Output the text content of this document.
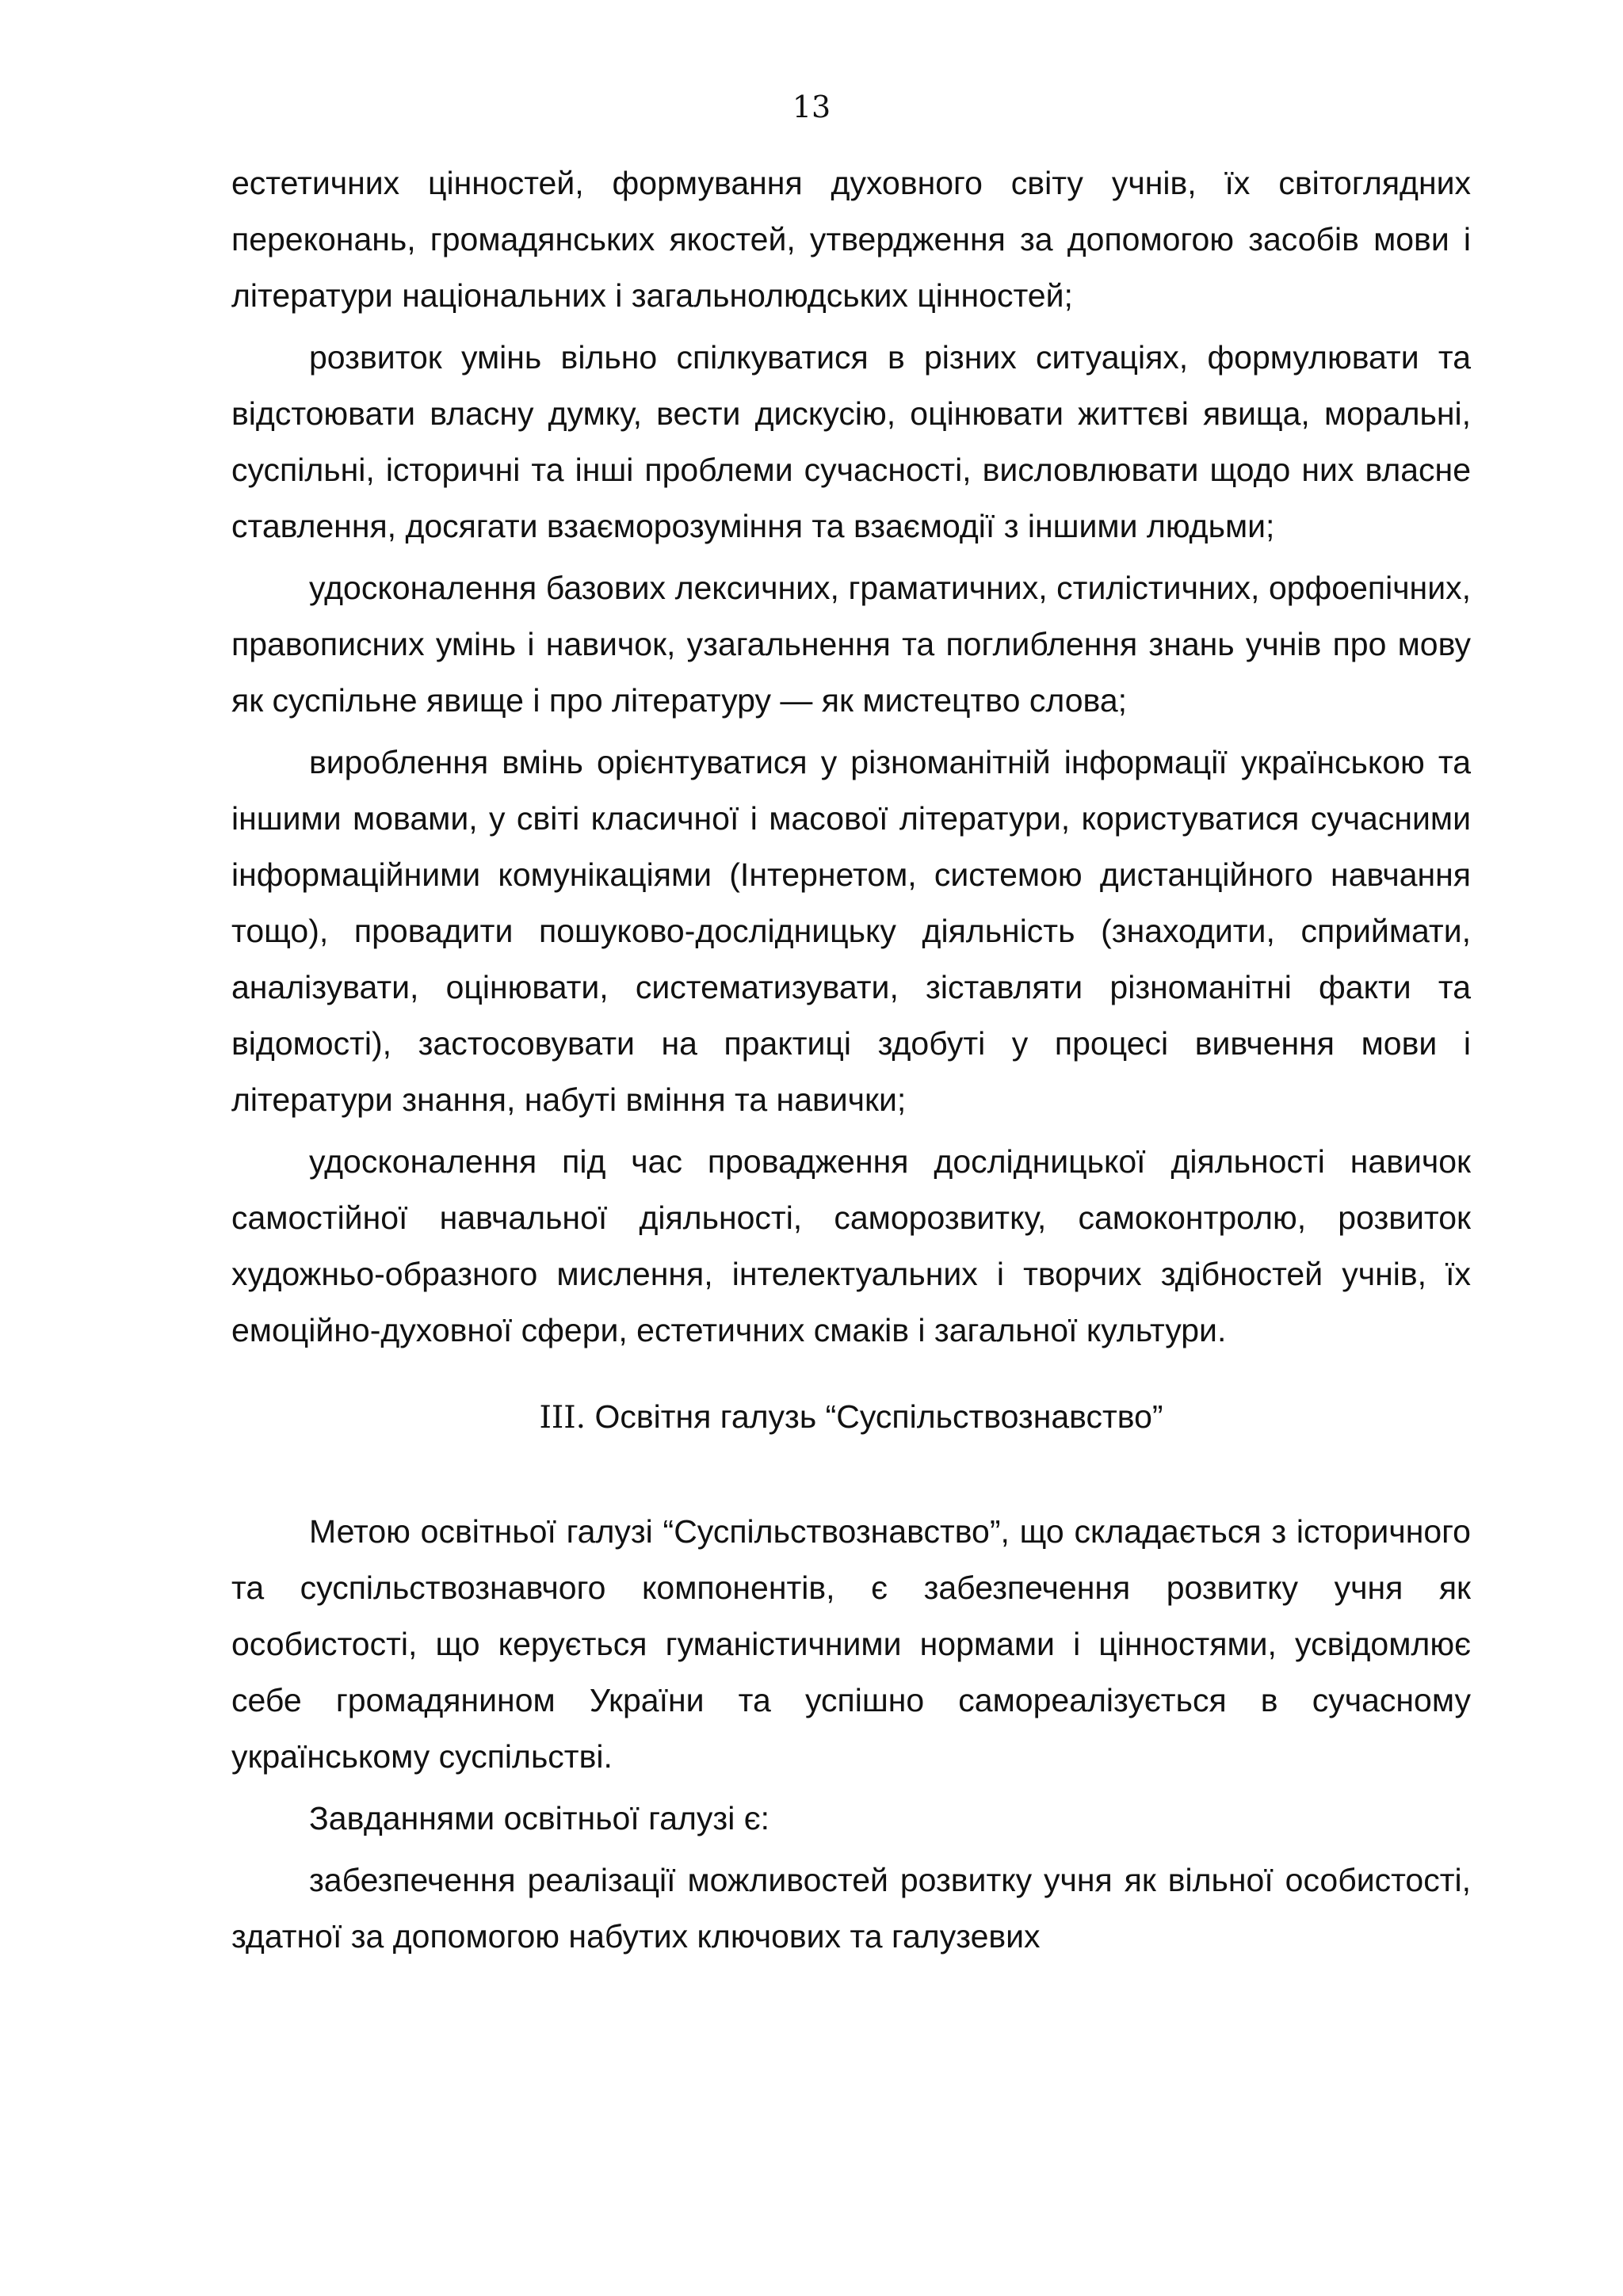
13

естетичних цінностей, формування духовного світу учнів, їх світоглядних переконань, громадянських якостей, утвердження за допомогою засобів мови і літератури національних і загальнолюдських цінностей;

розвиток умінь вільно спілкуватися в різних ситуаціях, формулювати та відстоювати власну думку, вести дискусію, оцінювати життєві явища, моральні, суспільні, історичні та інші проблеми сучасності, висловлювати щодо них власне ставлення, досягати взаєморозуміння та взаємодії з іншими людьми;

удосконалення базових лексичних, граматичних, стилістичних, орфоепічних, правописних умінь і навичок, узагальнення та поглиблення знань учнів про мову як суспільне явище і про літературу — як мистецтво слова;

вироблення вмінь орієнтуватися у різноманітній інформації українською та іншими мовами, у світі класичної і масової літератури, користуватися сучасними інформаційними комунікаціями (Інтернетом, системою дистанційного навчання тощо), провадити пошуково-дослідницьку діяльність (знаходити, сприймати, аналізувати, оцінювати, систематизувати, зіставляти різноманітні факти та відомості), застосовувати на практиці здобуті у процесі вивчення мови і літератури знання, набуті вміння та навички;

удосконалення під час провадження дослідницької діяльності навичок самостійної навчальної діяльності, саморозвитку, самоконтролю, розвиток художньо-образного мислення, інтелектуальних і творчих здібностей учнів, їх емоційно-духовної сфери, естетичних смаків і загальної культури.

III. Освітня галузь “Суспільствознавство”

Метою освітньої галузі “Суспільствознавство”, що складається з історичного та суспільствознавчого компонентів, є забезпечення розвитку учня як особистості, що керується гуманістичними нормами і цінностями, усвідомлює себе громадянином України та успішно самореалізується в сучасному українському суспільстві.

Завданнями освітньої галузі є:

забезпечення реалізації можливостей розвитку учня як вільної особистості, здатної за допомогою набутих ключових та галузевих
